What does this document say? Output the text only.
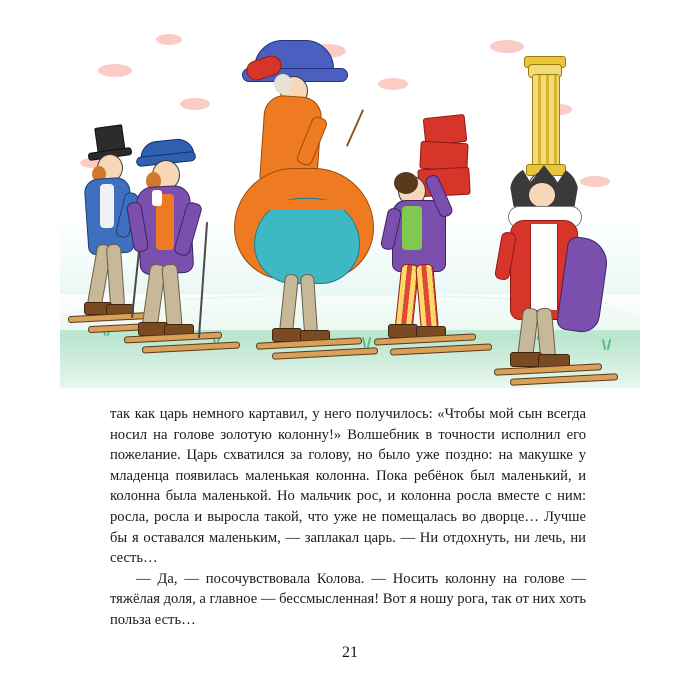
так как царь немного картавил, у него получилось: «Чтобы мой сын всегда носил на голове золотую колонну!» Волшебник в точности исполнил его пожелание. Царь схватился за голову, но было уже поздно: на макушке у младенца появилась маленькая колонна. Пока ребёнок был маленький, и колонна была маленькой. Но мальчик рос, и колонна росла вместе с ним: росла, росла и выросла такой, что уже не помещалась во дворце… Лучше бы я оставался маленьким, — заплакал царь. — Ни отдохнуть, ни лечь, ни сесть…

— Да, — посочувствовала Колова. — Носить колонну на голове — тяжёлая доля, а главное — бессмысленная! Вот я ношу рога, так от них хоть польза есть…

21
